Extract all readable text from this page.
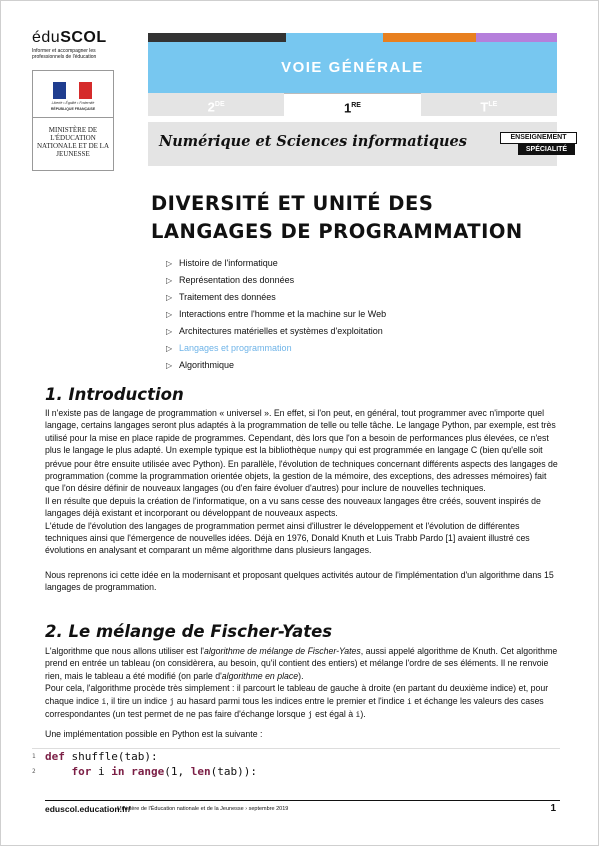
éduSCOL
Informer et accompagner les professionnels de l'éducation
Liberté • Égalité • Fraternité
RÉPUBLIQUE FRANÇAISE
MINISTÈRE DE L'ÉDUCATION NATIONALE ET DE LA JEUNESSE
VOIE GÉNÉRALE
2DE	1RE	$T^{LE}$
Numérique et Sciences informatiques	ENSEIGNEMENT
SPÉCIALITÉ
DIVERSITÉ ET UNITÉ DES
LANGAGES DE PROGRAMMATION
▷ Histoire de l'informatique
▷ Représentation des données
▷ Traitement des données
▷ Interactions entre l'homme et la machine sur le Web
▷ Architectures matérielles et systèmes d'exploitation
▷ Langages et programmation
▷ Algorithmique
1. Introduction

Il n'existe pas de langage de programmation « universel ». En effet, si l'on peut, en général, tout programmer avec n'importe quel langage, certains langages seront plus adaptés à la programmation de telle ou telle tâche. Le langage Python, par exemple, est très utilisé pour la mise en place rapide de programmes. Cependant, dès lors que l'on a besoin de performances plus élevées, ce n'est plus le langage le plus adapté. Un exemple typique est la bibliothèque numpy qui est programmée en langage C (bien qu'elle soit prévue pour être ensuite utilisée avec Python). En parallèle, l'évolution de techniques concernant différents aspects des langages de programmation (comme la programmation orientée objets, la gestion de la mémoire, des exceptions, des adresses mémoires) fait que l'on désire définir de nouveaux langages (ou d'en faire évoluer d'autres) pour inclure de nouvelles techniques.

Il en résulte que depuis la création de l'informatique, on a vu sans cesse des nouveaux langages être créés, souvent inspirés de langages déjà existant et incorporant ou développant de nouveaux aspects.

L'étude de l'évolution des langages de programmation permet ainsi d'illustrer le développement et l'évolution de différentes techniques ainsi que l'émergence de nouvelles idées. Déjà en 1976, Donald Knuth et Luis Trabb Pardo [1] avaient illustré ces évolutions en analysant et comparant un même algorithme dans plusieurs langages.

Nous reprenons ici cette idée en la modernisant et proposant quelques activités autour de l'implémentation d'un algorithme dans 15 langages de programmation.

2. Le mélange de Fischer-Yates

L'algorithme que nous allons utiliser est l'algorithme de mélange de Fischer-Yates, aussi appelé algorithme de Knuth. Cet algorithme prend en entrée un tableau (on considèrera, au besoin, qu'il contient des entiers) et mélange l'ordre de ses éléments. Il ne renvoie rien, mais le tableau a été modifié (on parle d'algorithme en place).

Pour cela, l'algorithme procède très simplement : il parcourt le tableau de gauche à droite (en partant du deuxième indice) et, pour chaque indice i, il tire un indice j au hasard parmi tous les indices entre le premier et l'indice i et échange les valeurs des cases correspondantes (un test permet de ne pas faire d'échange lorsque j est égal à i).

Une implémentation possible en Python est la suivante :

1 def shuffle(tab):
2	for i in range(1, len(tab)):
eduscol.education.fr/
Ministère de l'Éducation nationale et de la Jeunesse › septembre 2019	1
